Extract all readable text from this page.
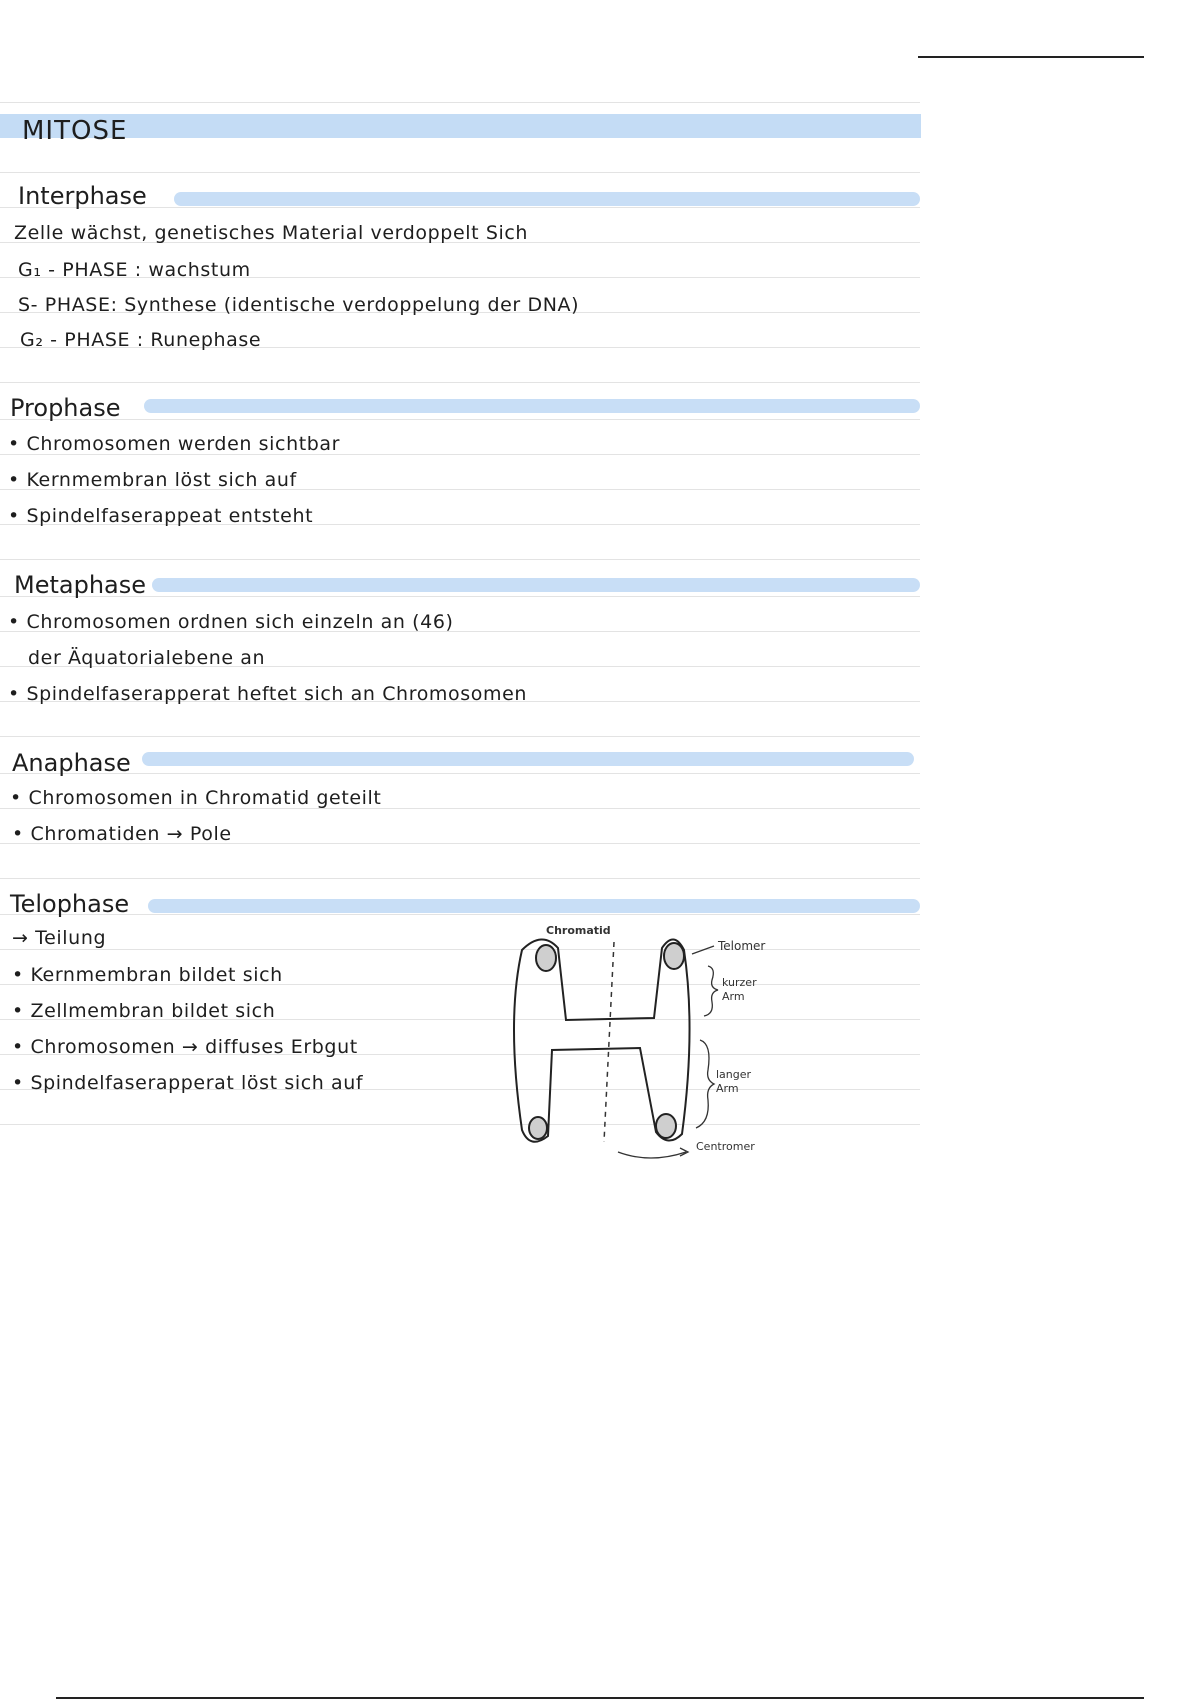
MITOSE
Interphase
Zelle wächst, genetisches Material verdoppelt Sich
G₁ - PHASE : wachstum
S- PHASE: Synthese (identische verdoppelung der DNA)
G₂ - PHASE : Runephase
Prophase
• Chromosomen werden sichtbar
• Kernmembran löst sich auf
• Spindelfaserappeat entsteht
Metaphase
• Chromosomen ordnen sich einzeln an (46)
der Äquatorialebene an
• Spindelfaserapperat heftet sich an Chromosomen
Anaphase
• Chromosomen in Chromatid geteilt
• Chromatiden → Pole
Telophase
→ Teilung
• Kernmembran bildet sich
• Zellmembran bildet sich
• Chromosomen → diffuses Erbgut
• Spindelfaserapperat löst sich auf
Chromatid
Telomer
kurzer
Arm
langer
Arm
Centromer
